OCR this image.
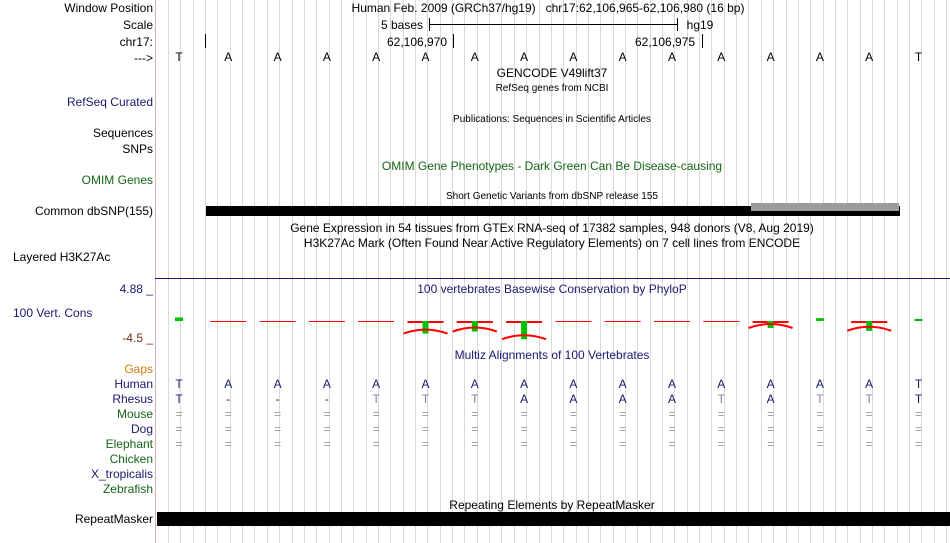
Window Position	Human Feb. 2009 (GRCh37/hg19)   chr17:62,106,965-62,106,980 (16 bp)
Scale	5 bases	hg19
chr17:	62,106,970	62,106,975
--->	T	A	A	A	A	A	A	A	A	A	A	A	A	A	A	T
GENCODE V49lift37
RefSeq genes from NCBI
RefSeq Curated
Sequences
Publications: Sequences in Scientific Articles
SNPs
OMIM Gene Phenotypes - Dark Green Can Be Disease-causing
OMIM Genes
Short Genetic Variants from dbSNP release 155
Common dbSNP(155)
Gene Expression in 54 tissues from GTEx RNA-seq of 17382 samples, 948 donors (V8, Aug 2019)
H3K27Ac Mark (Often Found Near Active Regulatory Elements) on 7 cell lines from ENCODE
Layered H3K27Ac
4.88 _	100 vertebrates Basewise Conservation by PhyloP
100 Vert. Cons
-4.5 _
Multiz Alignments of 100 Vertebrates
Gaps
Human	T	A	A	A	A	A	A	A	A	A	A	A	A	A	A	T
Rhesus	T	-	-	-	T	T	T	A	A	A	A	T	A	T	T	T
Mouse	=	=	=	=	=	=	=	=	=	=	=	=	=	=	=	=
Dog	=	=	=	=	=	=	=	=	=	=	=	=	=	=	=	=
Elephant	=	=	=	=	=	=	=	=	=	=	=	=	=	=	=	=
Chicken
X_tropicalis
Zebrafish
Repeating Elements by RepeatMasker
RepeatMasker
